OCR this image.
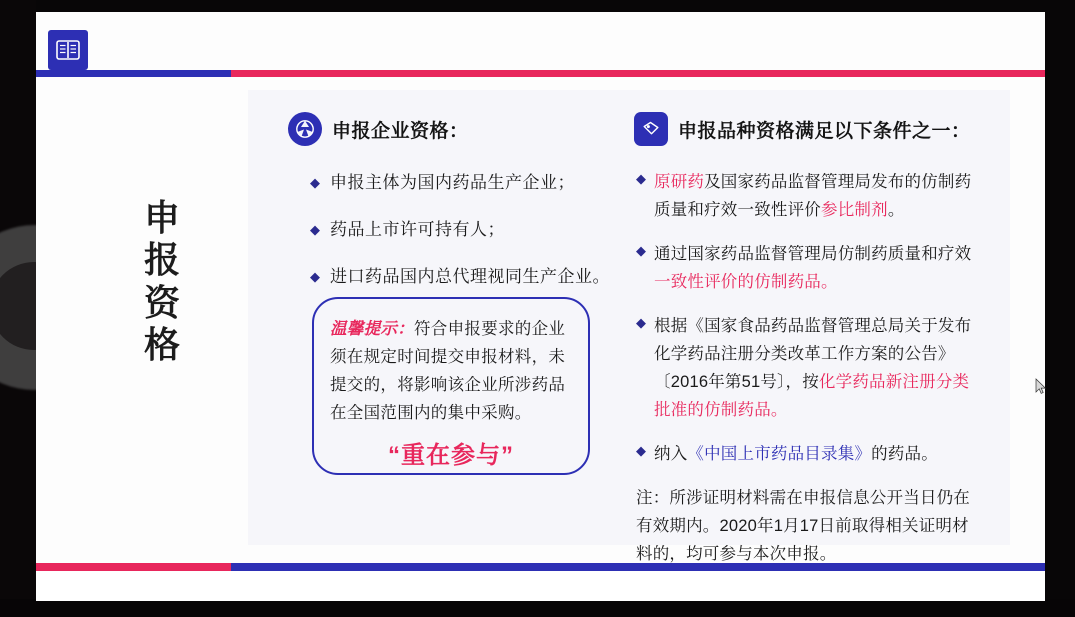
申
报
资
格
申报企业资格：
◆ 申报主体为国内药品生产企业；
◆ 药品上市许可持有人；
◆ 进口药品国内总代理视同生产企业。
温馨提示：符合申报要求的企业须在规定时间提交申报材料，未提交的，将影响该企业所涉药品在全国范围内的集中采购。
“重在参与”
申报品种资格满足以下条件之一：
◆ 原研药及国家药品监督管理局发布的仿制药质量和疗效一致性评价参比制剂。
◆ 通过国家药品监督管理局仿制药质量和疗效一致性评价的仿制药品。
◆ 根据《国家食品药品监督管理总局关于发布化学药品注册分类改革工作方案的公告》〔2016年第51号〕，按化学药品新注册分类批准的仿制药品。
◆ 纳入《中国上市药品目录集》的药品。
注：所涉证明材料需在申报信息公开当日仍在有效期内。2020年1月17日前取得相关证明材料的，均可参与本次申报。
